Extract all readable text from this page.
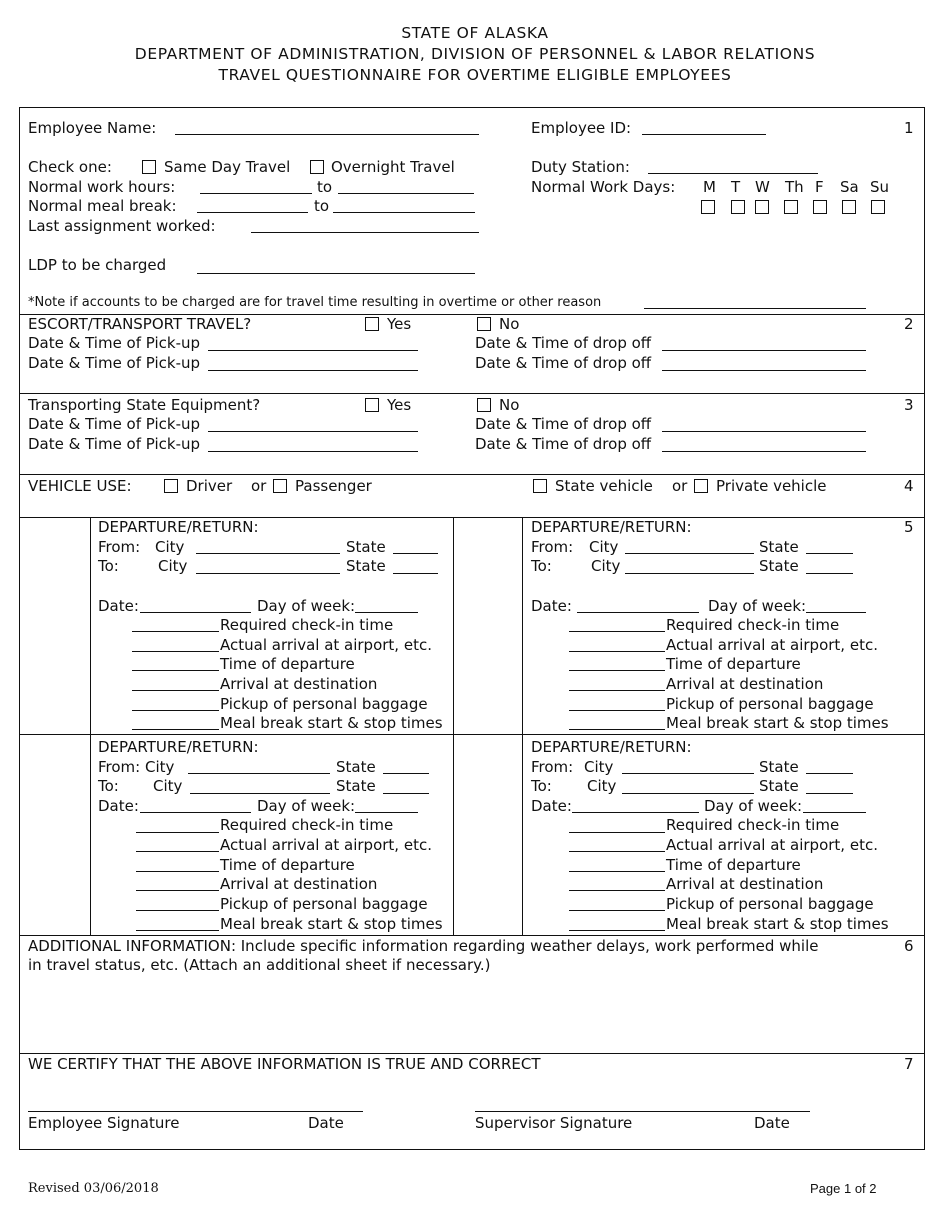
STATE OF ALASKA
DEPARTMENT OF ADMINISTRATION, DIVISION OF PERSONNEL & LABOR RELATIONS
TRAVEL QUESTIONNAIRE FOR OVERTIME ELIGIBLE EMPLOYEES
1
Employee Name:	Employee ID:
Check one:	Same Day Travel	Overnight Travel	Duty Station:
Normal work hours:	to	Normal Work Days: M T W Th F Sa Su
Normal meal break:	to
Last assignment worked:
LDP to be charged
*Note if accounts to be charged are for travel time resulting in overtime or other reason
2
ESCORT/TRANSPORT TRAVEL?	Yes	No
Date & Time of Pick-up	Date & Time of drop off
Date & Time of Pick-up	Date & Time of drop off
3
Transporting State Equipment?	Yes	No
Date & Time of Pick-up	Date & Time of drop off
Date & Time of Pick-up	Date & Time of drop off
4
VEHICLE USE:	Driver or Passenger	State vehicle or Private vehicle
5
DEPARTURE/RETURN:
From: City	State
To:	City	State
Date:	Day of week:
Required check-in time
Actual arrival at airport, etc.
Time of departure
Arrival at destination
Pickup of personal baggage
Meal break start & stop times
DEPARTURE/RETURN:
From: City	State
To:	City	State
Date:	Day of week:
Required check-in time
Actual arrival at airport, etc.
Time of departure
Arrival at destination
Pickup of personal baggage
Meal break start & stop times
DEPARTURE/RETURN:
From: City	State
To: City	State
Date:	Day of week:
Required check-in time
Actual arrival at airport, etc.
Time of departure
Arrival at destination
Pickup of personal baggage
Meal break start & stop times
DEPARTURE/RETURN:
From: City	State
To: City	State
Date:	Day of week:
Required check-in time
Actual arrival at airport, etc.
Time of departure
Arrival at destination
Pickup of personal baggage
Meal break start & stop times
6
ADDITIONAL INFORMATION: Include specific information regarding weather delays, work performed while
in travel status, etc. (Attach an additional sheet if necessary.)
7
WE CERTIFY THAT THE ABOVE INFORMATION IS TRUE AND CORRECT
Employee Signature	Date	Supervisor Signature	Date
Revised 03/06/2018	Page 1 of 2
